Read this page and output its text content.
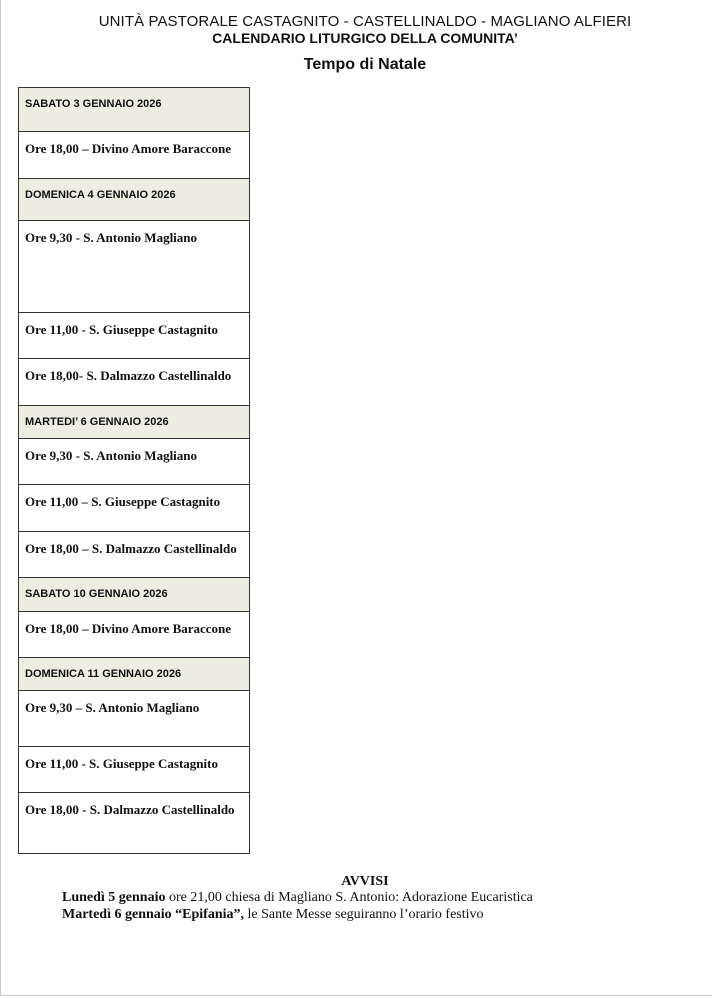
UNITÀ PASTORALE CASTAGNITO - CASTELLINALDO - MAGLIANO ALFIERI
CALENDARIO LITURGICO DELLA COMUNITA’
Tempo di Natale
SABATO 3 GENNAIO 2026
Ore 18,00 – Divino Amore Baraccone
DOMENICA 4 GENNAIO 2026
Ore 9,30 - S. Antonio Magliano
Ore 11,00 - S. Giuseppe Castagnito
Ore 18,00- S. Dalmazzo Castellinaldo
MARTEDI’ 6 GENNAIO 2026
Ore 9,30 - S. Antonio Magliano
Ore 11,00 – S. Giuseppe Castagnito
Ore 18,00 – S. Dalmazzo Castellinaldo
SABATO 10 GENNAIO 2026
Ore 18,00 – Divino Amore Baraccone
DOMENICA 11 GENNAIO 2026
Ore 9,30 – S. Antonio Magliano
Ore 11,00 - S. Giuseppe Castagnito
Ore 18,00 - S. Dalmazzo Castellinaldo
AVVISI
Lunedì 5 gennaio ore 21,00 chiesa di Magliano S. Antonio: Adorazione Eucaristica
Martedì 6 gennaio “Epifania”, le Sante Messe seguiranno l’orario festivo
